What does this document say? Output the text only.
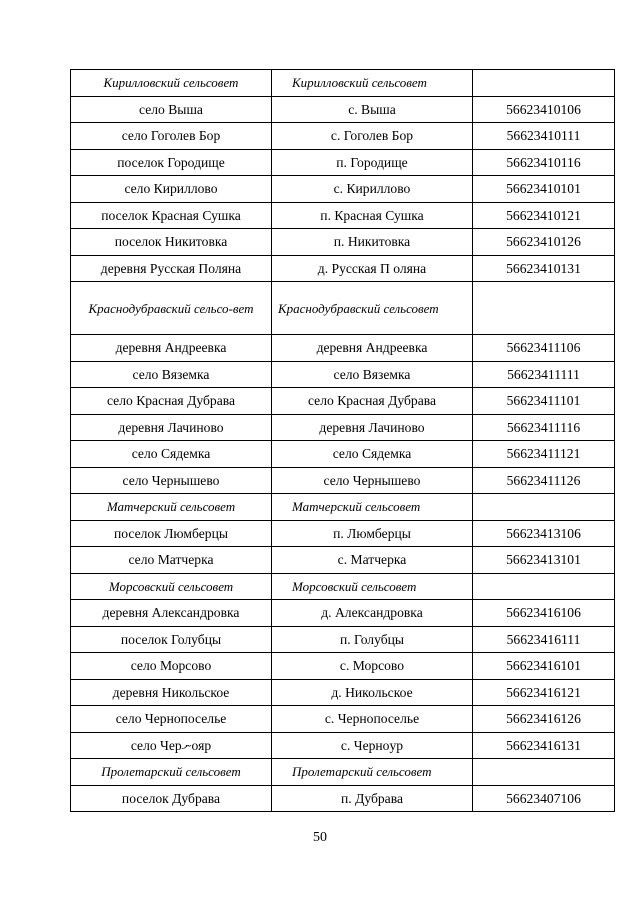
Кирилловский сельсовет	Кирилловский сельсовет	
село Выша	с. Выша	56623410106
село Гоголев Бор	с. Гоголев Бор	56623410111
поселок Городище	п. Городище	56623410116
село Кириллово	с. Кириллово	56623410101
поселок Красная Сушка	п. Красная Сушка	56623410121
поселок Никитовка	п. Никитовка	56623410126
деревня Русская Поляна	д. Русская П оляна	56623410131
Краснодубравский сельсо-вет	Краснодубравский сельсовет	
деревня Андреевка	деревня Андреевка	56623411106
село Вяземка	село Вяземка	56623411111
село Красная Дубрава	село Красная Дубрава	56623411101
деревня Лачиново	деревня Лачиново	56623411116
село Сядемка	село Сядемка	56623411121
село Чернышево	село Чернышево	56623411126
Матчерский сельсовет	Матчерский сельсовет	
поселок Люмберцы	п. Люмберцы	56623413106
село Матчерка	с. Матчерка	56623413101
Морсовский сельсовет	Морсовский сельсовет	
деревня Александровка	д. Александровка	56623416106
поселок Голубцы	п. Голубцы	56623416111
село Морсово	с. Морсово	56623416101
деревня Никольское	д. Никольское	56623416121
село Чернопоселье	с. Чернопоселье	56623416126
село Черނояр	с. Черноyp	56623416131
Пролетарский сельсовет	Пролетарский сельсовет	
поселок Дубрава	п. Дубрава	56623407106
50
